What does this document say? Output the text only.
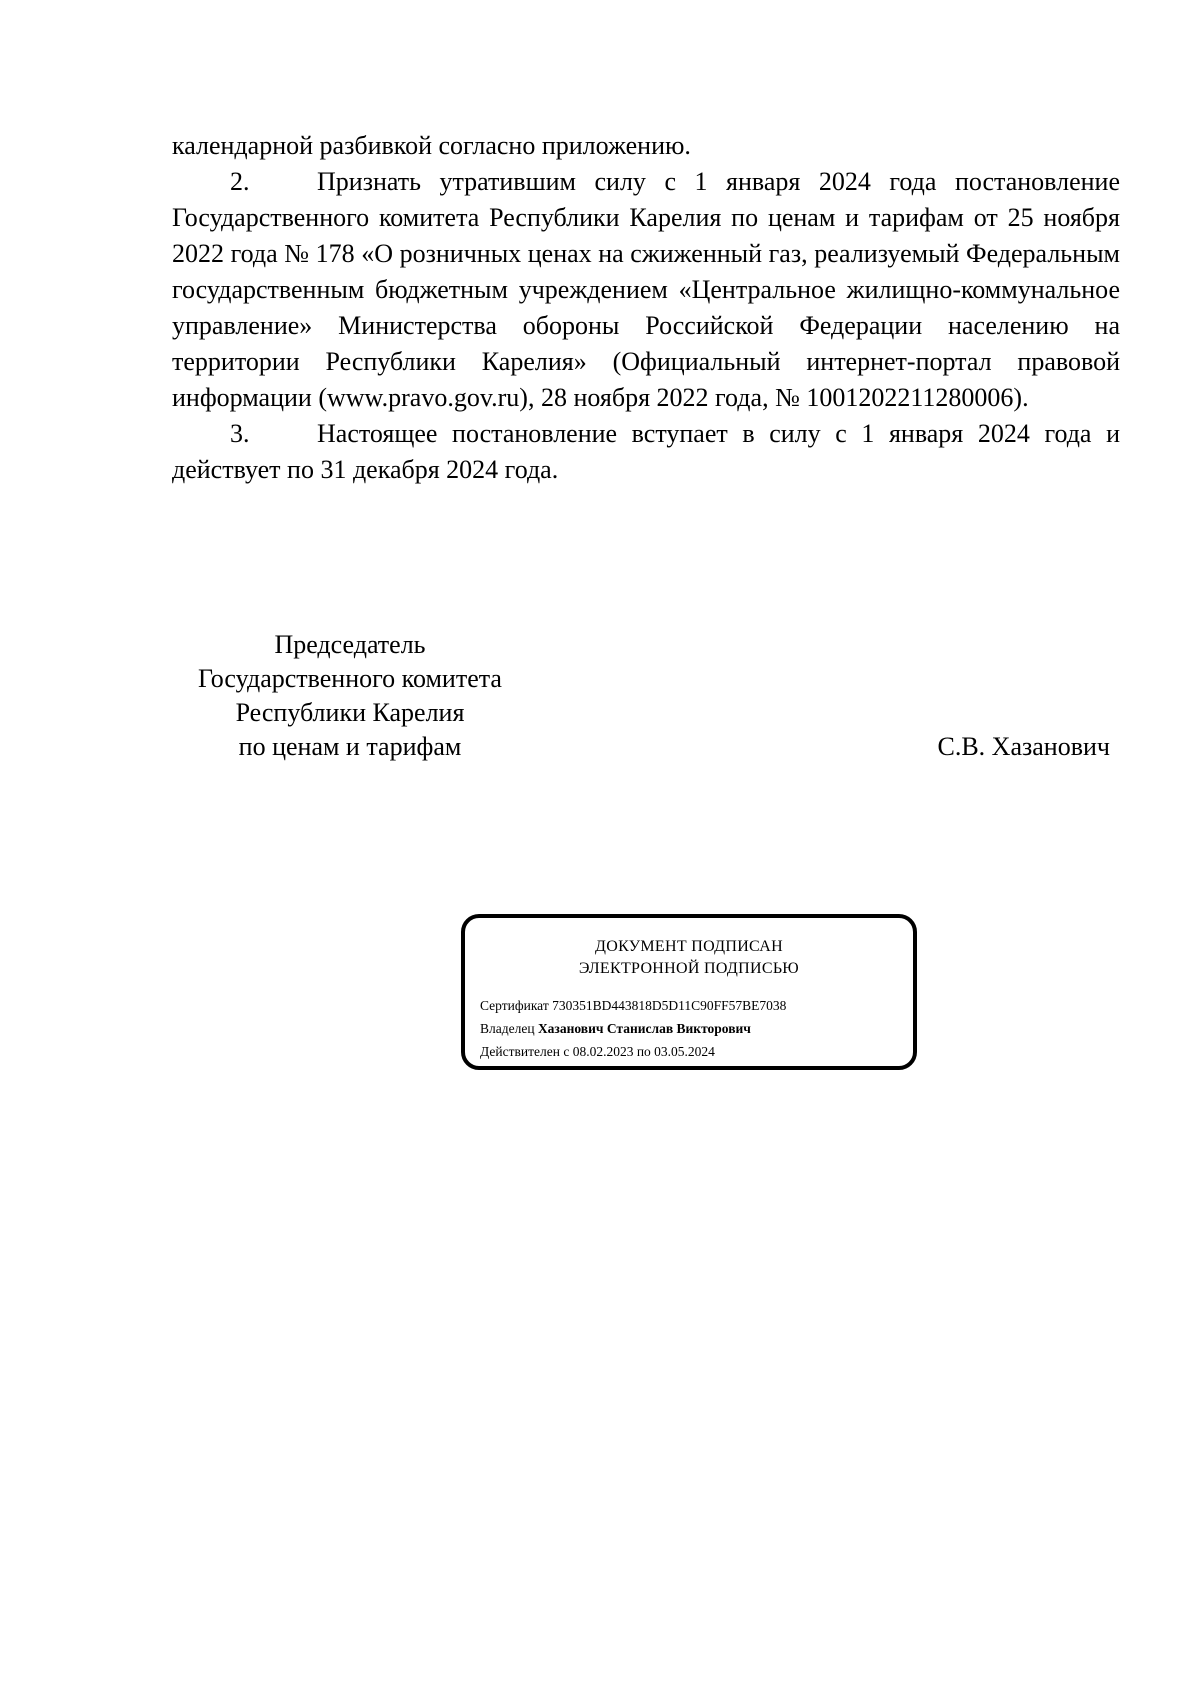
календарной разбивкой согласно приложению.

2.	Признать утратившим силу с 1 января 2024 года постановление Государственного комитета Республики Карелия по ценам и тарифам от 25 ноября 2022 года № 178 «О розничных ценах на сжиженный газ, реализуемый Федеральным государственным бюджетным учреждением «Центральное жилищно-коммунальное управление» Министерства обороны Российской Федерации населению на территории Республики Карелия» (Официальный интернет-портал правовой информации (www.pravo.gov.ru), 28 ноября 2022 года, № 1001202211280006).

3.	Настоящее постановление вступает в силу с 1 января 2024 года и действует по 31 декабря 2024 года.

Председатель
Государственного комитета
Республики Карелия
по ценам и тарифам	С.В. Хазанович
ДОКУМЕНТ ПОДПИСАН
ЭЛЕКТРОННОЙ ПОДПИСЬЮ
Сертификат 730351BD443818D5D11C90FF57BE7038
Владелец Хазанович Станислав Викторович
Действителен с 08.02.2023 по 03.05.2024
